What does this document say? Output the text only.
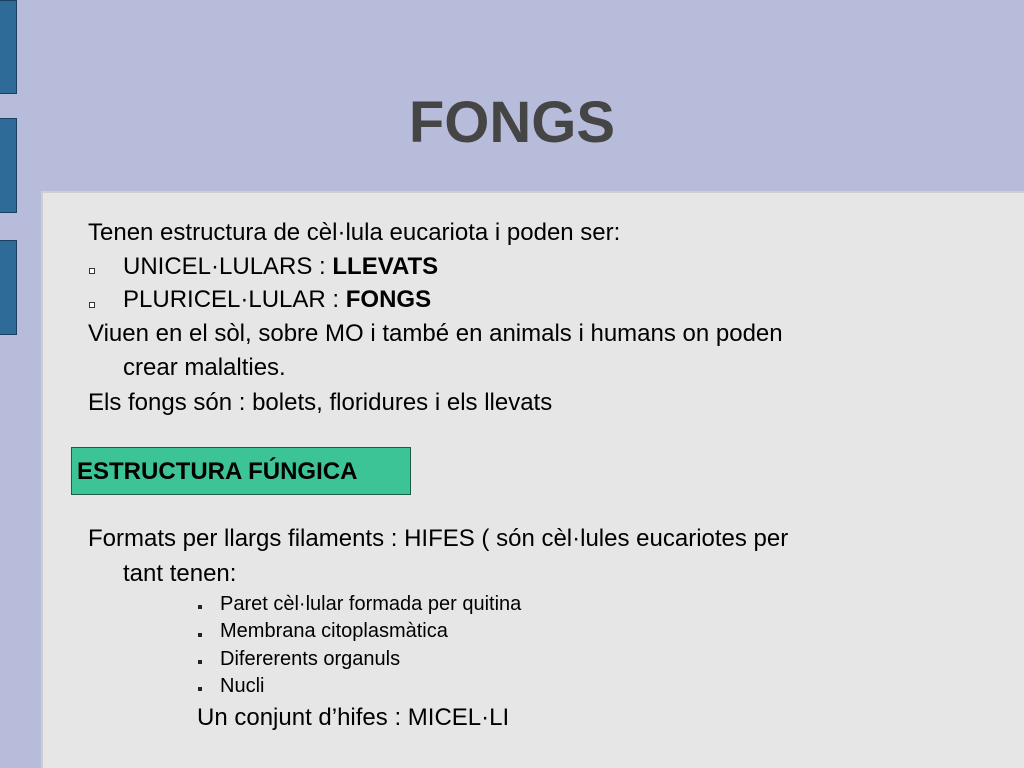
FONGS
Tenen estructura de cèl·lula eucariota i poden ser:
UNICEL·LULARS : LLEVATS
PLURICEL·LULAR : FONGS
Viuen en el sòl, sobre MO i també en animals i humans on poden
crear malalties.
Els fongs són : bolets, floridures i els llevats
ESTRUCTURA FÚNGICA
Formats per llargs filaments : HIFES ( són cèl·lules eucariotes per
tant tenen:
Paret cèl·lular formada per quitina
Membrana citoplasmàtica
Difererents organuls
Nucli
Un conjunt d’hifes : MICEL·LI
